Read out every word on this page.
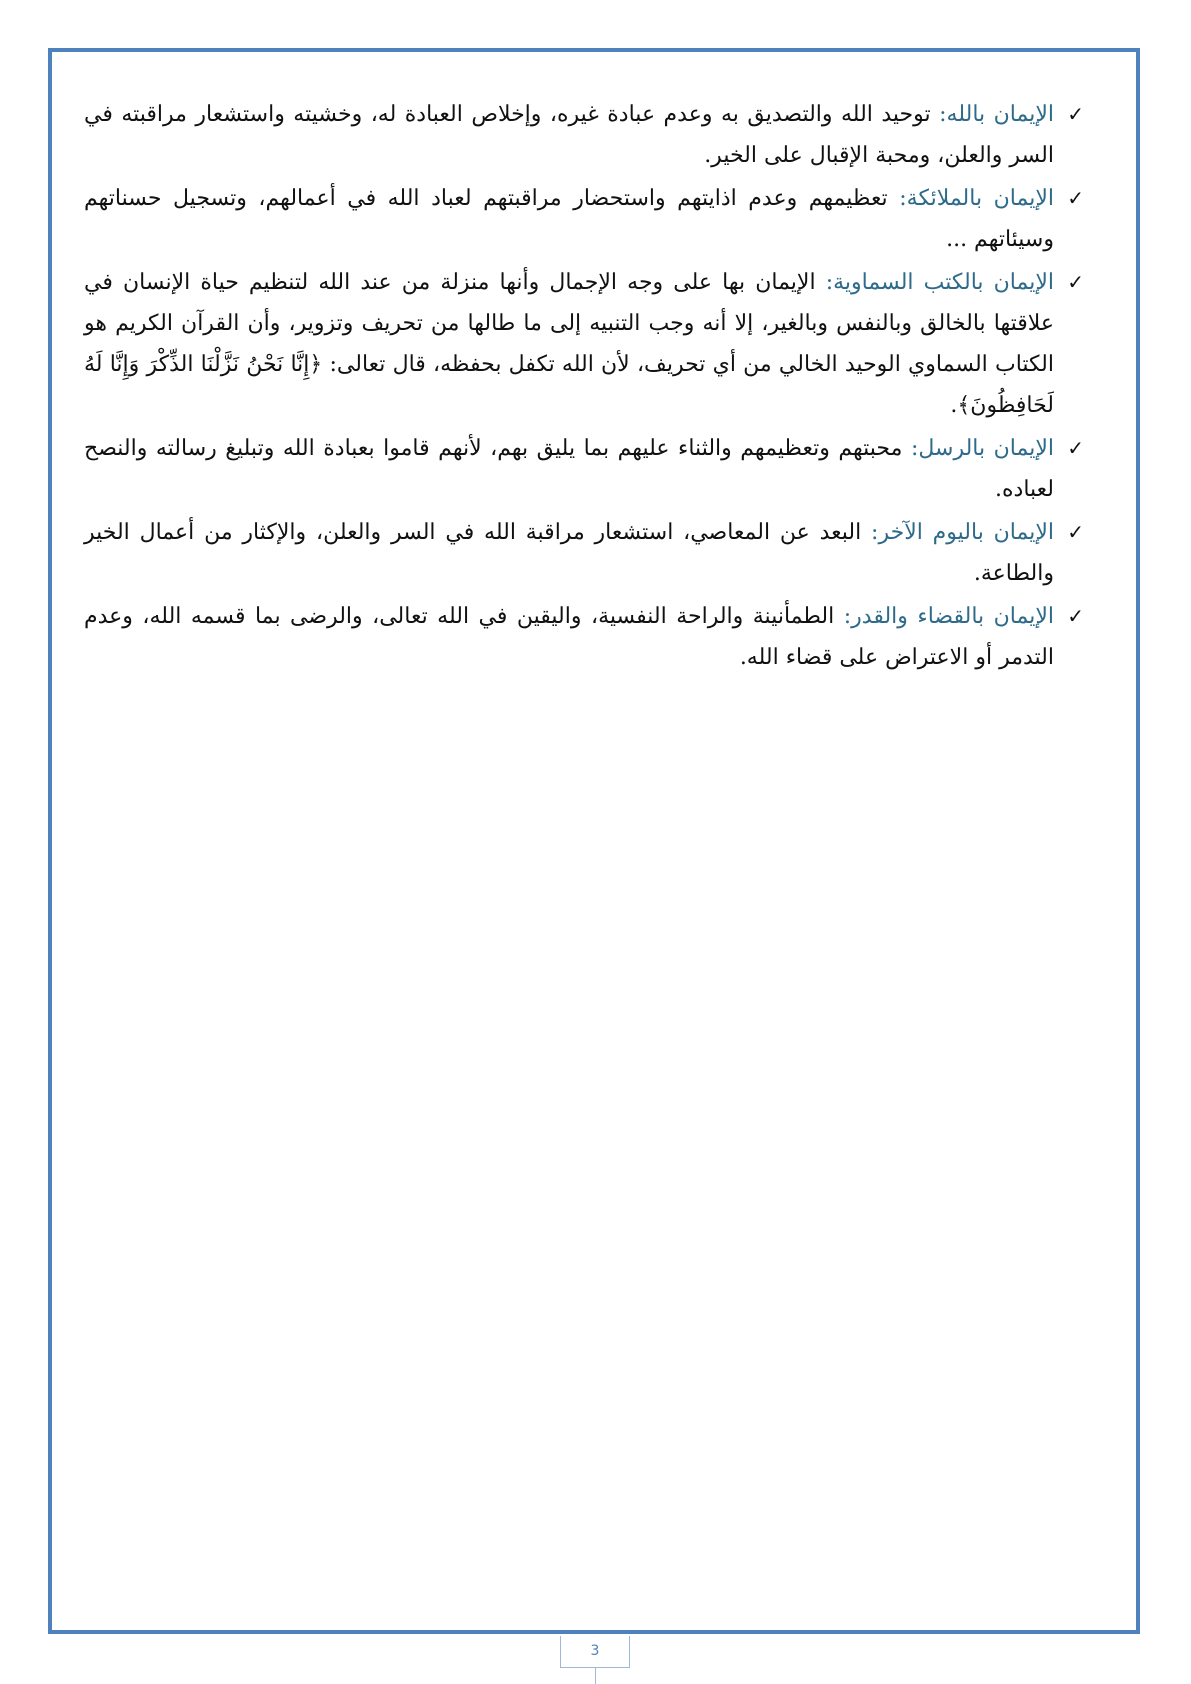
✓
الإيمان بالله: توحيد الله والتصديق به وعدم عبادة غيره، وإخلاص العبادة له، وخشيته واستشعار مراقبته في السر والعلن، ومحبة الإقبال على الخير.

✓
الإيمان بالملائكة: تعظيمهم وعدم اذايتهم واستحضار مراقبتهم لعباد الله في أعمالهم، وتسجيل حسناتهم وسيئاتهم ...

✓
الإيمان بالكتب السماوية: الإيمان بها على وجه الإجمال وأنها منزلة من عند الله لتنظيم حياة الإنسان في علاقتها بالخالق وبالنفس وبالغير، إلا أنه وجب التنبيه إلى ما طالها من تحريف وتزوير، وأن القرآن الكريم هو الكتاب السماوي الوحيد الخالي من أي تحريف، لأن الله تكفل بحفظه، قال تعالى: ﴿إِنَّا نَحْنُ نَزَّلْنَا الذِّكْرَ وَإِنَّا لَهُ لَحَافِظُونَ﴾.

✓
الإيمان بالرسل: محبتهم وتعظيمهم والثناء عليهم بما يليق بهم، لأنهم قاموا بعبادة الله وتبليغ رسالته والنصح لعباده.

✓
الإيمان باليوم الآخر: البعد عن المعاصي، استشعار مراقبة الله في السر والعلن، والإكثار من أعمال الخير والطاعة.

✓
الإيمان بالقضاء والقدر: الطمأنينة والراحة النفسية، واليقين في الله تعالى، والرضى بما قسمه الله، وعدم التدمر أو الاعتراض على قضاء الله.

3
